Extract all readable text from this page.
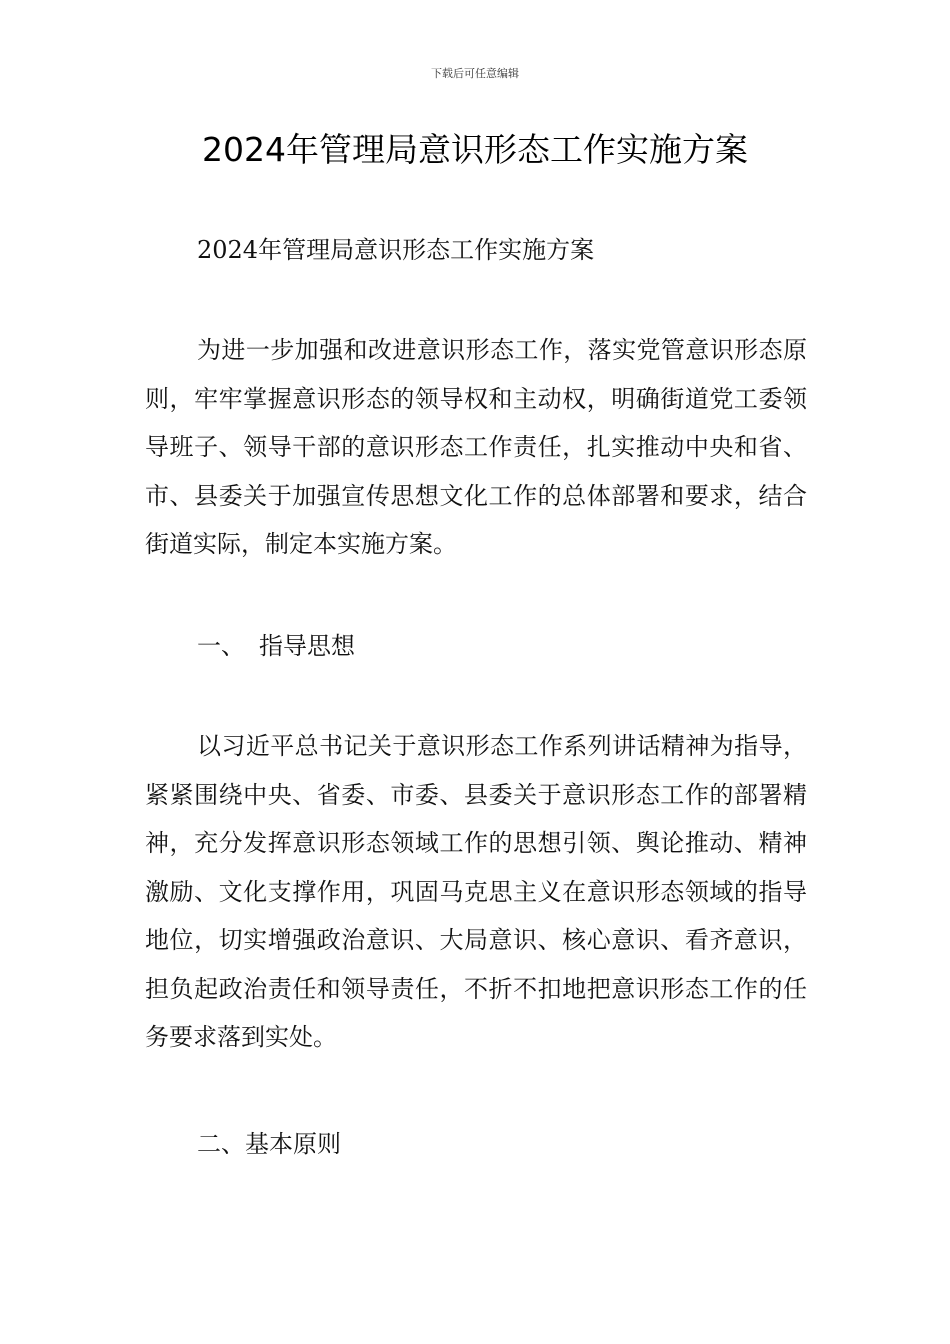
下载后可任意编辑
2024年管理局意识形态工作实施方案

2024年管理局意识形态工作实施方案

为进一步加强和改进意识形态工作，落实党管意识形态原则，牢牢掌握意识形态的领导权和主动权，明确街道党工委领导班子、领导干部的意识形态工作责任，扎实推动中央和省、市、县委关于加强宣传思想文化工作的总体部署和要求，结合街道实际，制定本实施方案。

一、 指导思想

以习近平总书记关于意识形态工作系列讲话精神为指导，紧紧围绕中央、省委、市委、县委关于意识形态工作的部署精神，充分发挥意识形态领域工作的思想引领、舆论推动、精神激励、文化支撑作用，巩固马克思主义在意识形态领域的指导地位，切实增强政治意识、大局意识、核心意识、看齐意识，担负起政治责任和领导责任，不折不扣地把意识形态工作的任务要求落到实处。

二、基本原则
